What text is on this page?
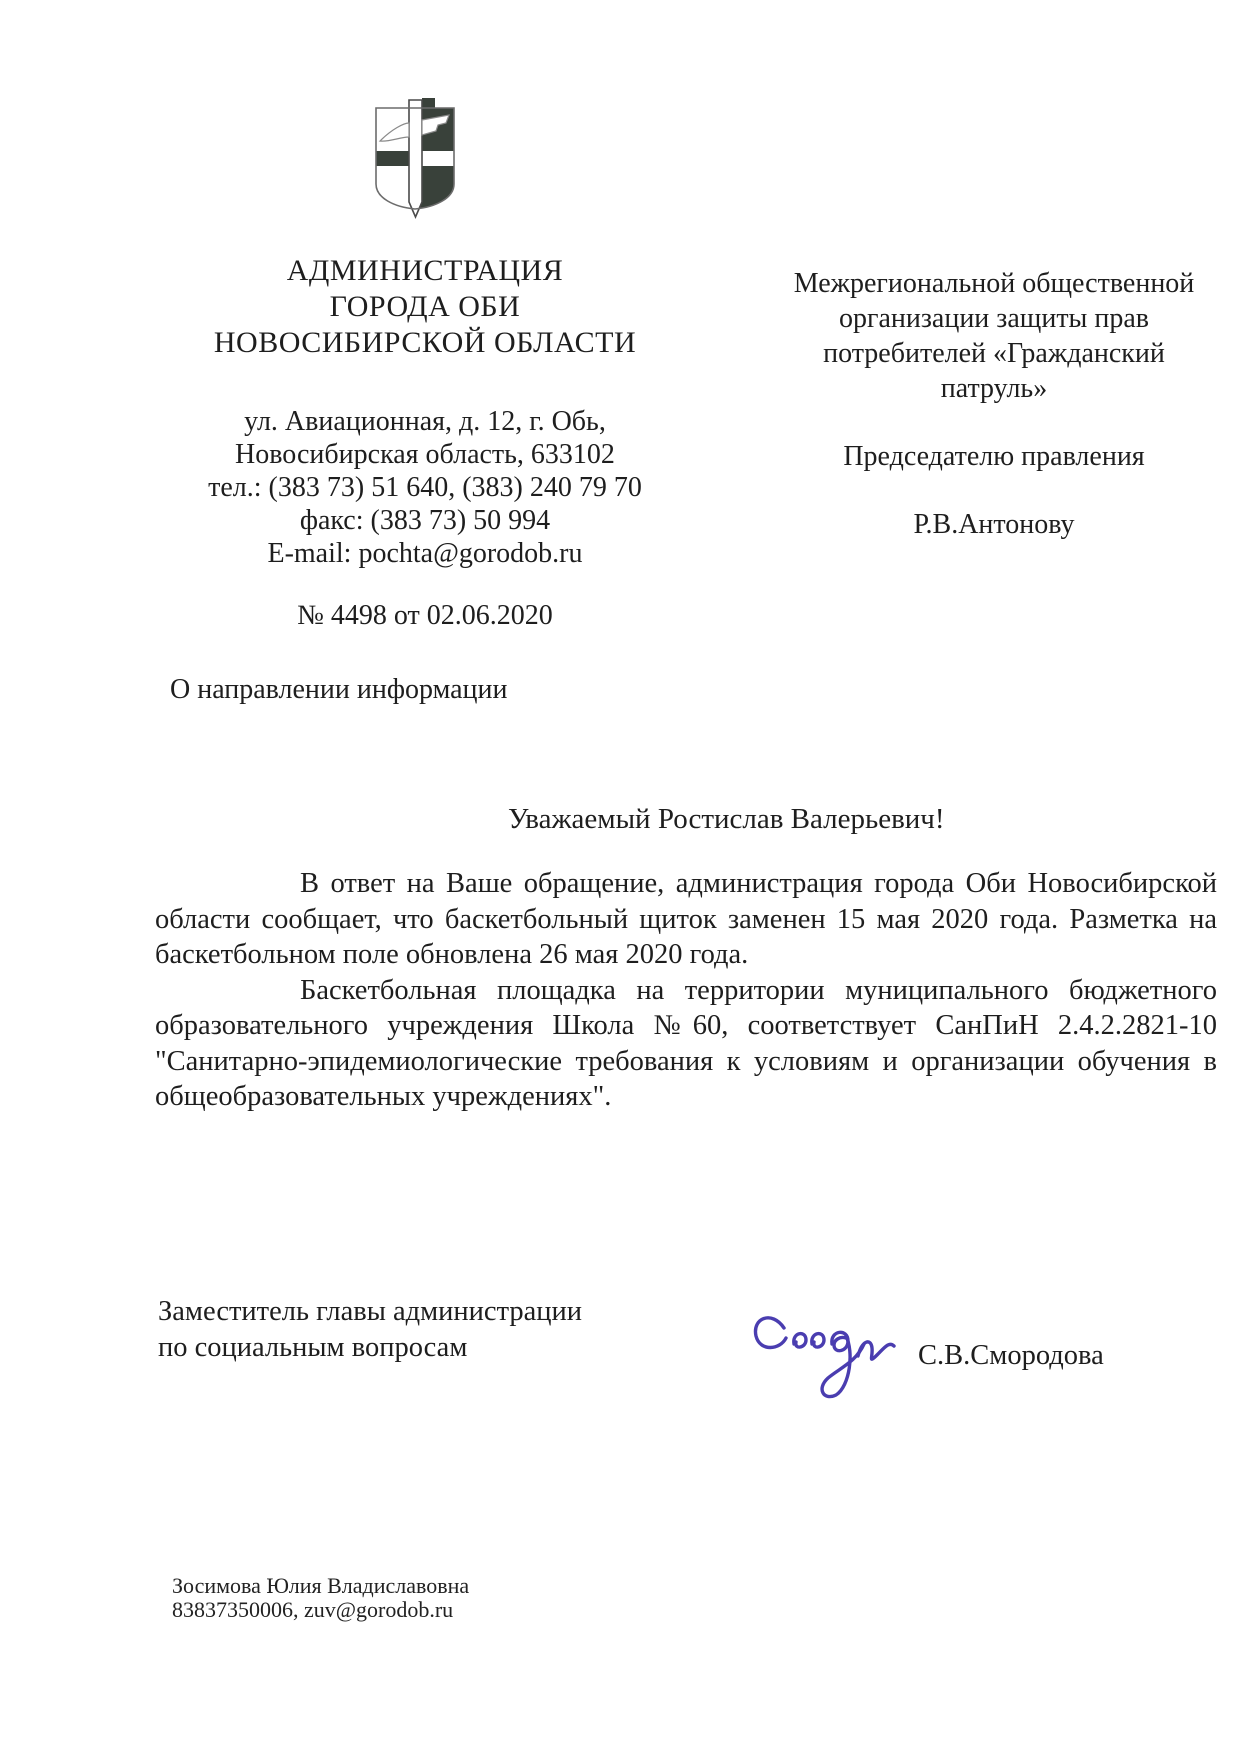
АДМИНИСТРАЦИЯ
ГОРОДА ОБИ
НОВОСИБИРСКОЙ ОБЛАСТИ
ул. Авиационная, д. 12, г. Обь,
Новосибирская область, 633102
тел.: (383 73) 51 640, (383) 240 79 70
факс: (383 73) 50 994
E-mail: pochta@gorodob.ru
№ 4498 от 02.06.2020
Межрегиональной общественной
организации защиты прав
потребителей «Гражданский
патруль»
Председателю правления
Р.В.Антонову
О направлении информации
Уважаемый Ростислав Валерьевич!

В ответ на Ваше обращение, администрация города Оби Новосибирской области сообщает, что баскетбольный щиток заменен 15 мая 2020 года. Разметка на баскетбольном поле обновлена 26 мая 2020 года.

Баскетбольная площадка на территории муниципального бюджетного образовательного учреждения Школа №60, соответствует СанПиН 2.4.2.2821-10 "Санитарно-эпидемиологические требования к условиям и организации обучения в общеобразовательных учреждениях".

Заместитель главы администрации
по социальным вопросам	С.В.Смородова
Зосимова Юлия Владиславовна
83837350006, zuv@gorodob.ru
